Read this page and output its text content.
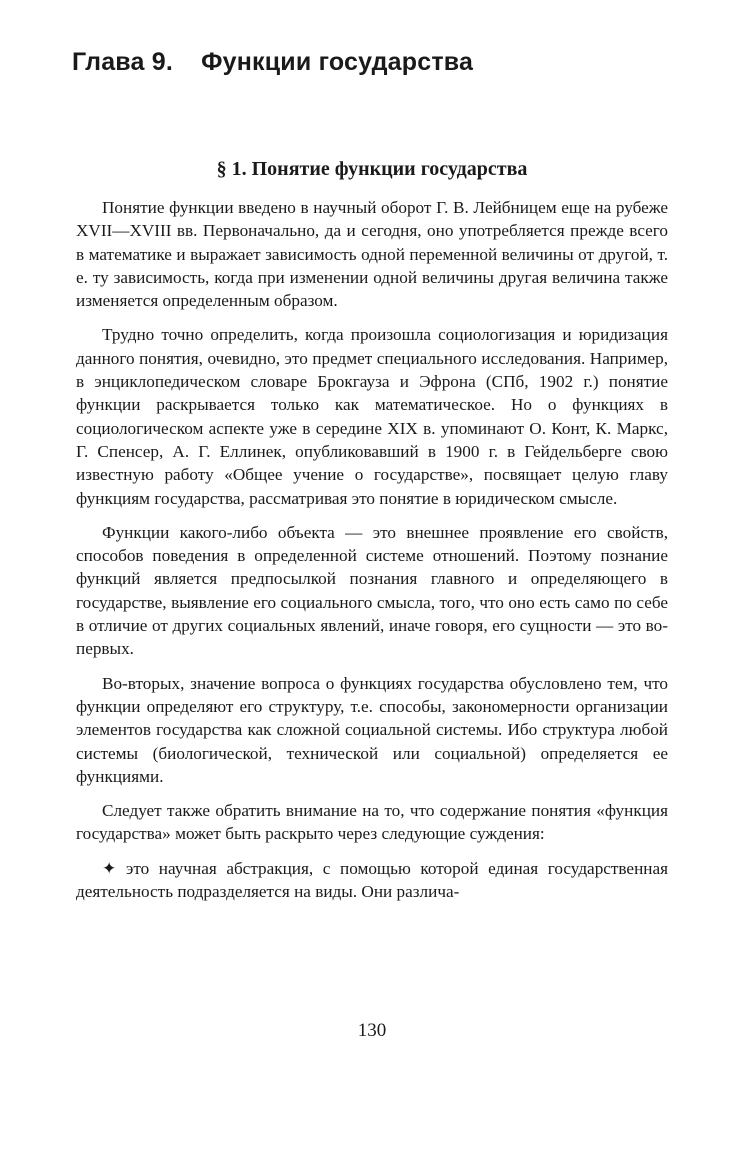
Глава 9. Функции государства
§ 1. Понятие функции государства

Понятие функции введено в научный оборот Г. В. Лейбницем еще на рубеже XVII—XVIII вв. Первоначально, да и сегодня, оно употребляется прежде всего в математике и выражает зависимость одной переменной величины от другой, т. е. ту зависимость, когда при изменении одной величины другая величина также изменяется определенным образом.

Трудно точно определить, когда произошла социологизация и юридизация данного понятия, очевидно, это предмет специального исследования. Например, в энциклопедическом словаре Брокгауза и Эфрона (СПб, 1902 г.) понятие функции раскрывается только как математическое. Но о функциях в социологическом аспекте уже в середине XIX в. упоминают О. Конт, К. Маркс, Г. Спенсер, А. Г. Еллинек, опубликовавший в 1900 г. в Гейдельберге свою известную работу «Общее учение о государстве», посвящает целую главу функциям государства, рассматривая это понятие в юридическом смысле.

Функции какого-либо объекта — это внешнее проявление его свойств, способов поведения в определенной системе отношений. Поэтому познание функций является предпосылкой познания главного и определяющего в государстве, выявление его социального смысла, того, что оно есть само по себе в отличие от других социальных явлений, иначе говоря, его сущности — это во-первых.

Во-вторых, значение вопроса о функциях государства обусловлено тем, что функции определяют его структуру, т.е. способы, закономерности организации элементов государства как сложной социальной системы. Ибо структура любой системы (биологической, технической или социальной) определяется ее функциями.

Следует также обратить внимание на то, что содержание понятия «функция государства» может быть раскрыто через следующие суждения:

✦ это научная абстракция, с помощью которой единая государственная деятельность подразделяется на виды. Они различа-

130
